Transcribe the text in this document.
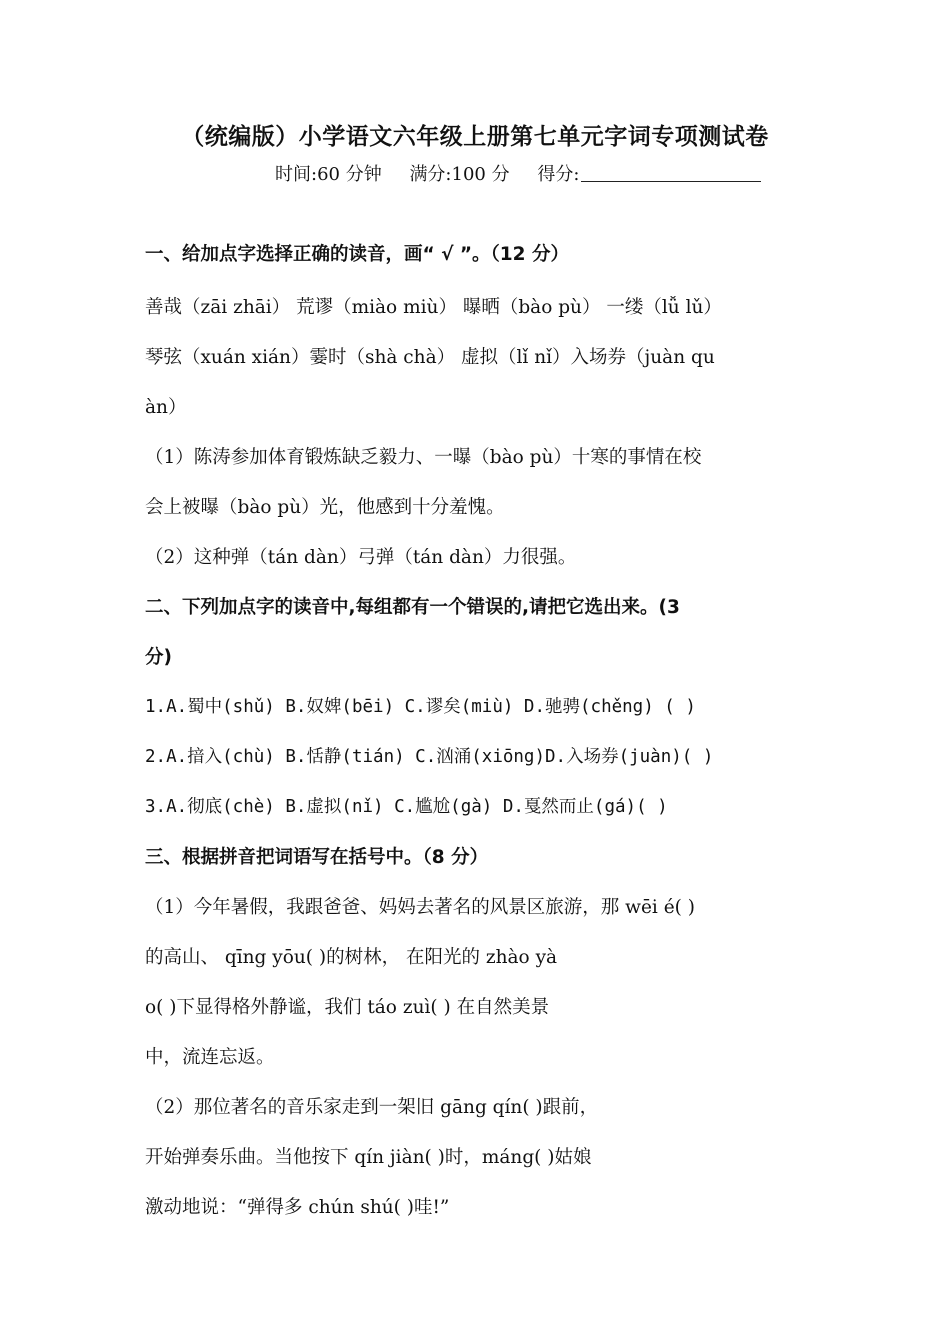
（统编版）小学语文六年级上册第七单元字词专项测试卷
时间:60 分钟 满分:100 分 得分:
一、给加点字选择正确的读音，画“ √ ”。（12 分）
善哉（zāi zhāi） 荒谬（miào miù） 曝晒（bào pù） 一缕（lǚ lǔ）
琴弦（xuán xián）霎时（shà chà） 虚拟（lǐ nǐ）入场券（juàn qu
àn）
（1）陈涛参加体育锻炼缺乏毅力、一曝（bào pù）十寒的事情在校
会上被曝（bào pù）光，他感到十分羞愧。
（2）这种弹（tán dàn）弓弹（tán dàn）力很强。
二、下列加点字的读音中,每组都有一个错误的,请把它选出来。(3
分)
1.A.蜀中(shǔ) B.奴婢(bēi) C.谬矣(miù) D.驰骋(chěng) ( )
2.A.揞入(chù) B.恬静(tián) C.汹涌(xiōng)D.入场券(juàn)( )
3.A.彻底(chè) B.虚拟(nǐ) C.尴尬(gà) D.戛然而止(gá)( )
三、根据拼音把词语写在括号中。（8 分）
（1）今年暑假，我跟爸爸、妈妈去著名的风景区旅游，那 wēi é( )
的高山、 qīng yōu( )的树林， 在阳光的 zhào yà
o( )下显得格外静谧，我们 táo zuì( ) 在自然美景
中，流连忘返。
（2）那位著名的音乐家走到一架旧 gāng qín( )跟前，
开始弹奏乐曲。当他按下 qín jiàn( )时，máng( )姑娘
激动地说：“弹得多 chún shú( )哇!”
